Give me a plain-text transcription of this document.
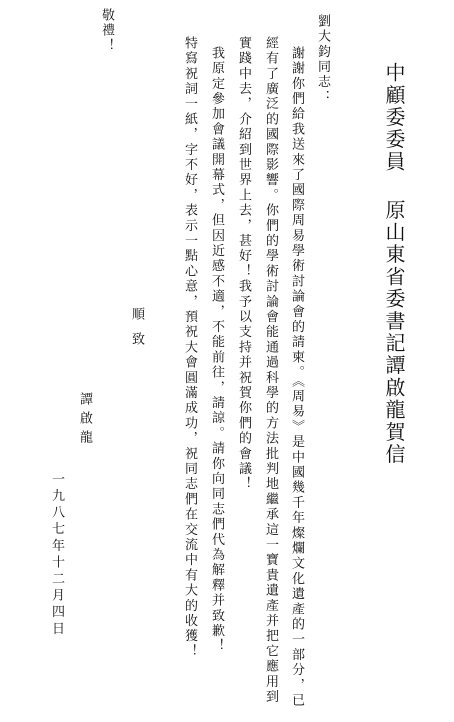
中顧委委員 原山東省委書記譚啟龍賀信
劉大鈞同志：
謝謝你們給我送來了國際周易學術討論會的請柬。《周易》是中國幾千年燦爛文化遺產的一部分，已
經有了廣泛的國際影響。你們的學術討論會能通過科學的方法批判地繼承這一寶貴遺產并把它應用到
實踐中去，介紹到世界上去，甚好！我予以支持并祝賀你們的會議！
我原定參加會議開幕式，但因近感不適，不能前往，請諒。請你向同志們代為解釋并致歉！
特寫祝詞一紙，字不好，表示一點心意，預祝大會圓滿成功，祝同志們在交流中有大的收獲！
順致
敬禮！
譚啟龍
一九八七年十二月四日
